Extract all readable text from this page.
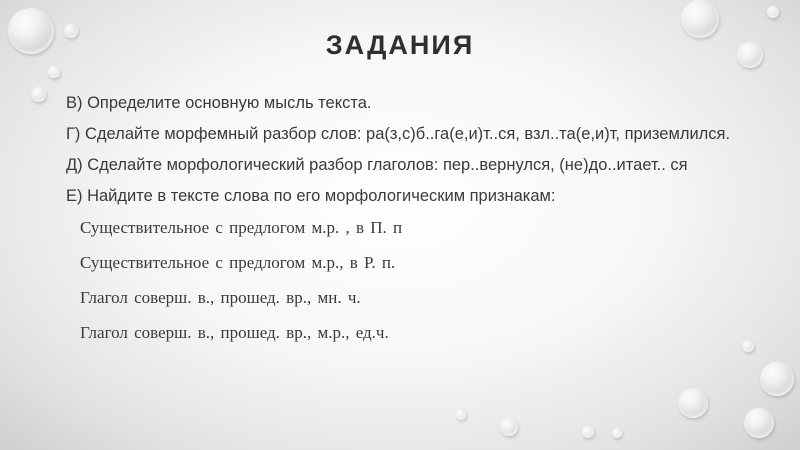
ЗАДАНИЯ

В) Определите основную мысль текста.

Г) Сделайте морфемный разбор слов: ра(з,с)б..га(е,и)т..ся, взл..та(е,и)т, приземлился.

Д) Сделайте морфологический разбор глаголов: пер..вернулся, (не)до..итает.. ся

Е) Найдите в тексте слова по его морфологическим признакам:

Существительное с предлогом м.р. , в П. п

Существительное с предлогом м.р., в Р. п.

Глагол соверш. в., прошед. вр., мн. ч.

Глагол соверш. в., прошед. вр., м.р., ед.ч.
